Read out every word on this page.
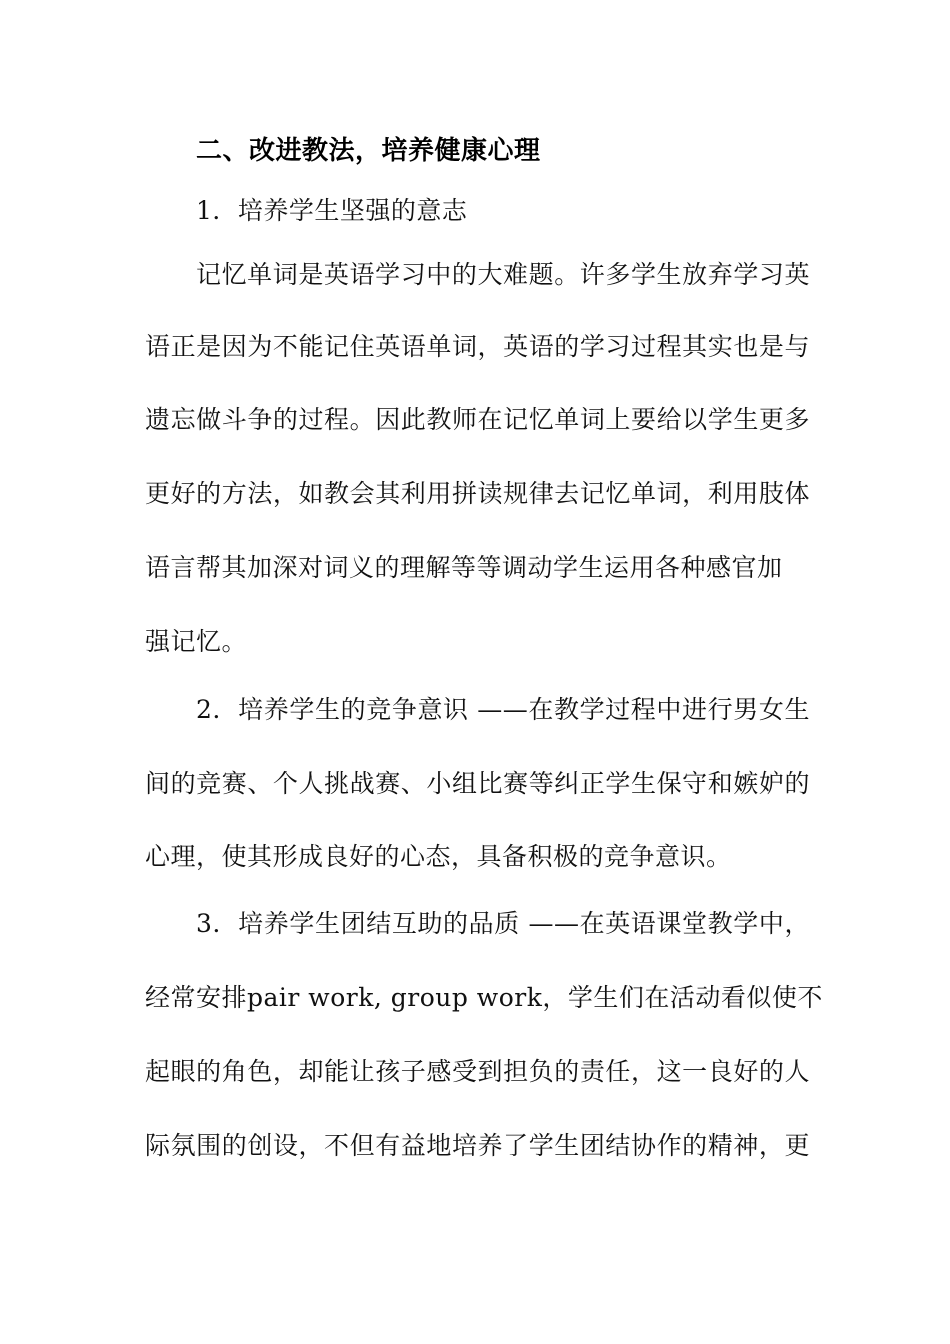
二、改进教法，培养健康心理
1．培养学生坚强的意志
记忆单词是英语学习中的大难题。许多学生放弃学习英
语正是因为不能记住英语单词，英语的学习过程其实也是与
遗忘做斗争的过程。因此教师在记忆单词上要给以学生更多
更好的方法，如教会其利用拼读规律去记忆单词，利用肢体
语言帮其加深对词义的理解等等调动学生运用各种感官加
强记忆。
2．培养学生的竞争意识 ——在教学过程中进行男女生
间的竞赛、个人挑战赛、小组比赛等纠正学生保守和嫉妒的
心理，使其形成良好的心态，具备积极的竞争意识。
3．培养学生团结互助的品质 ——在英语课堂教学中，
经常安排pair work, group work，学生们在活动看似使不
起眼的角色，却能让孩子感受到担负的责任，这一良好的人
际氛围的创设，不但有益地培养了学生团结协作的精神，更
